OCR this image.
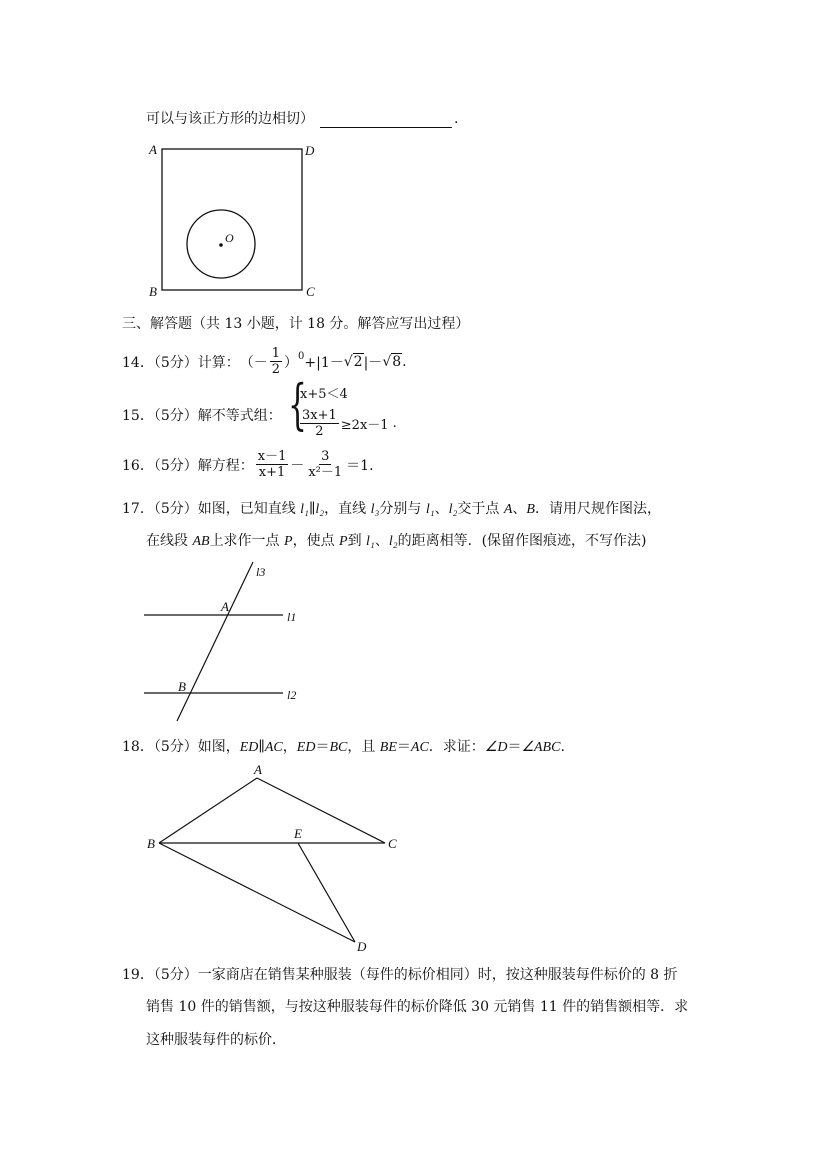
可以与该正方形的边相切）	.
A	D
B	C
O
三、解答题（共 13 小题，计 18 分。解答应写出过程）
14．（5分）计算： （－ $\frac{1}{2} )^0 +|1-$ √ 2 |－ √ 8 .
15．（5分）解不等式组： {
x+5＜4
$\frac{3x+1}{2} \ge 2x-1$ .
16．（5分）解方程： $\frac{x-1}{x+1} - \frac{3}{\text{x²－1}} =1$.
17．（5分）如图，已知直线 l₁∥l₂，直线 l₃分别与 l₁、l₂交于点 A、B．请用尺规作图法，
在线段 AB上求作一点 P，使点 P到 l₁、l₂的距离相等．(保留作图痕迹，不写作法)
l3
A
l1
B
l2
18．（5分）如图，ED∥AC，ED＝BC，且 BE＝AC．求证：∠D＝∠ABC.
A
B
E
C
D
19．（5分）一家商店在销售某种服装（每件的标价相同）时，按这种服装每件标价的 8 折
销售 10 件的销售额，与按这种服装每件的标价降低 30 元销售 11 件的销售额相等．求
这种服装每件的标价．
